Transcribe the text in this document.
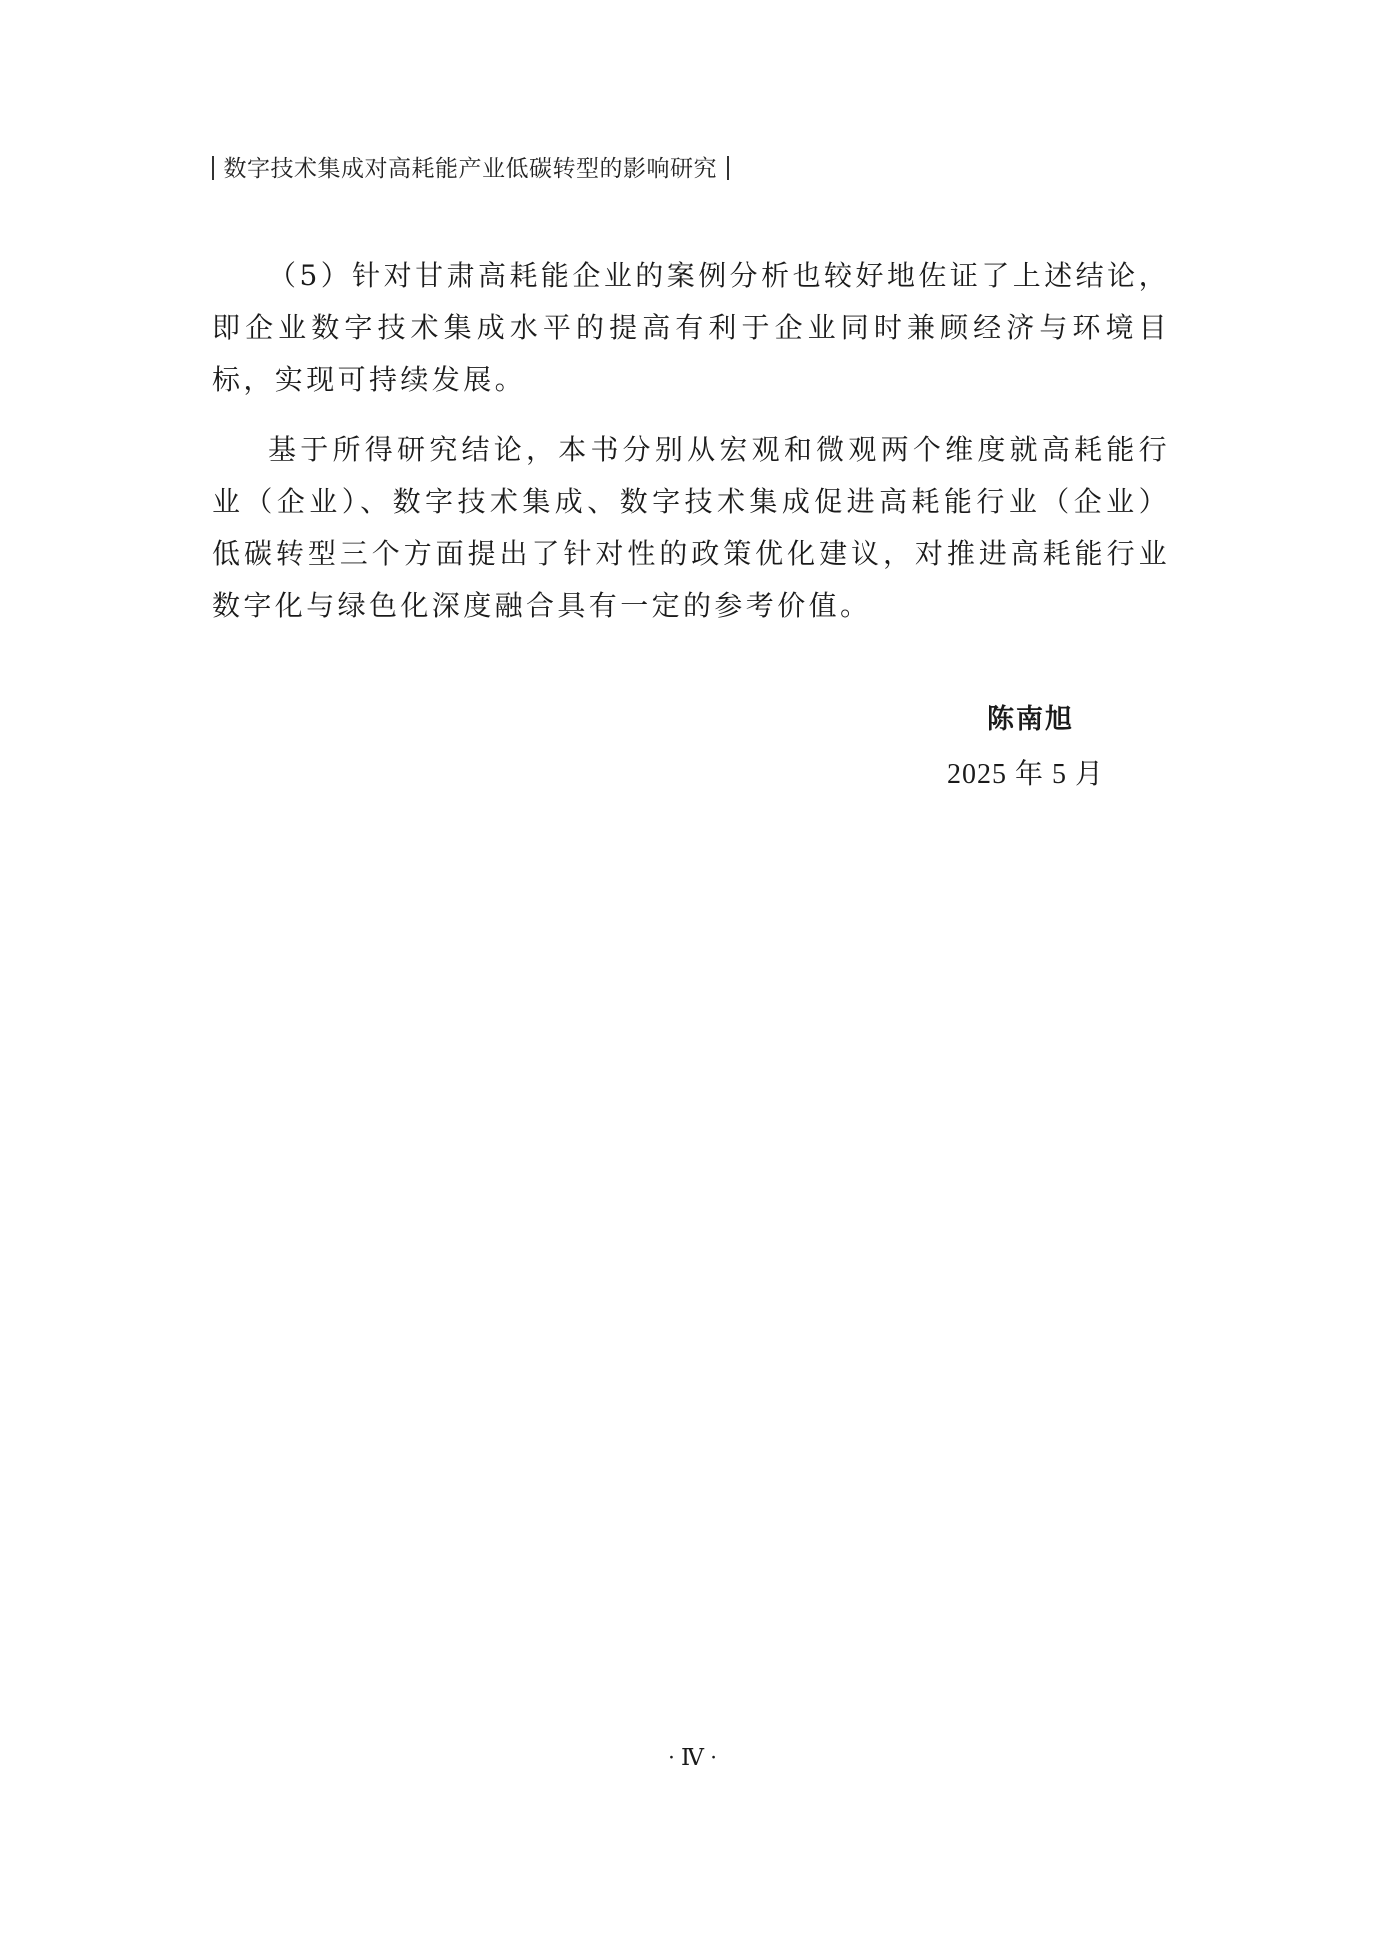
数字技术集成对高耗能产业低碳转型的影响研究

（5）针对甘肃高耗能企业的案例分析也较好地佐证了上述结论，即企业数字技术集成水平的提高有利于企业同时兼顾经济与环境目标，实现可持续发展。

基于所得研究结论，本书分别从宏观和微观两个维度就高耗能行业（企业）、数字技术集成、数字技术集成促进高耗能行业（企业）低碳转型三个方面提出了针对性的政策优化建议，对推进高耗能行业数字化与绿色化深度融合具有一定的参考价值。

陈南旭
2025 年 5 月
· Ⅳ ·
